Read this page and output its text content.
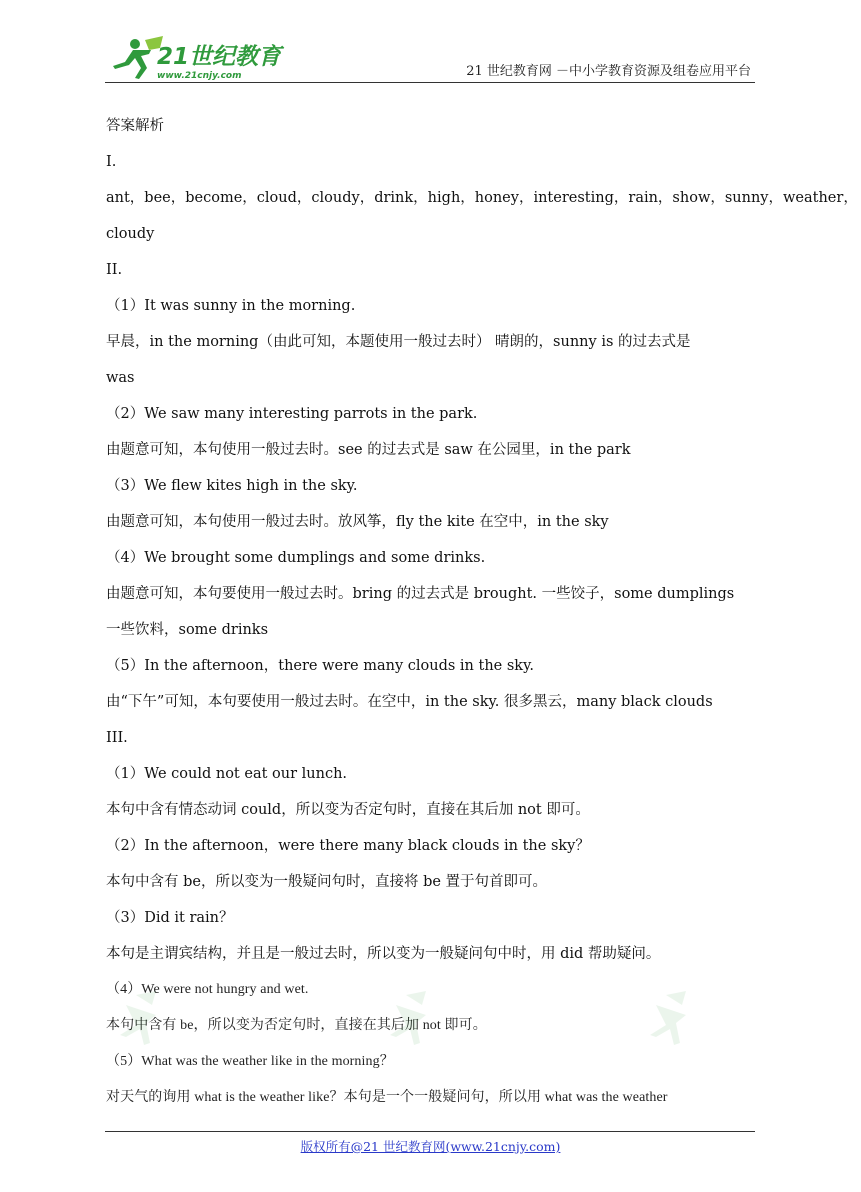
21世纪教育
www.21cnjy.com	21 世纪教育网 －中小学教育资源及组卷应用平台
答案解析
I.
ant，bee，become，cloud，cloudy，drink，high，honey，interesting，rain，show，sunny，weather，
cloudy
II.
（1）It was sunny in the morning.
早晨，in the morning（由此可知，本题使用一般过去时） 晴朗的，sunny is 的过去式是
was
（2）We saw many interesting parrots in the park.
由题意可知，本句使用一般过去时。see 的过去式是 saw 在公园里，in the park
（3）We flew kites high in the sky.
由题意可知，本句使用一般过去时。放风筝，fly the kite 在空中，in the sky
（4）We brought some dumplings and some drinks.
由题意可知，本句要使用一般过去时。bring 的过去式是 brought. 一些饺子，some dumplings
一些饮料，some drinks
（5）In the afternoon，there were many clouds in the sky.
由“下午”可知，本句要使用一般过去时。在空中，in the sky. 很多黑云，many black clouds
III.
（1）We could not eat our lunch.
本句中含有情态动词 could，所以变为否定句时，直接在其后加 not 即可。
（2）In the afternoon，were there many black clouds in the sky？
本句中含有 be，所以变为一般疑问句时，直接将 be 置于句首即可。
（3）Did it rain？
本句是主谓宾结构，并且是一般过去时，所以变为一般疑问句中时，用 did 帮助疑问。
（4）We were not hungry and wet.
本句中含有 be，所以变为否定句时，直接在其后加 not 即可。
（5）What was the weather like in the morning？
对天气的询用 what is the weather like？本句是一个一般疑问句，所以用 what was the weather
版权所有@21 世纪教育网(www.21cnjy.com)
